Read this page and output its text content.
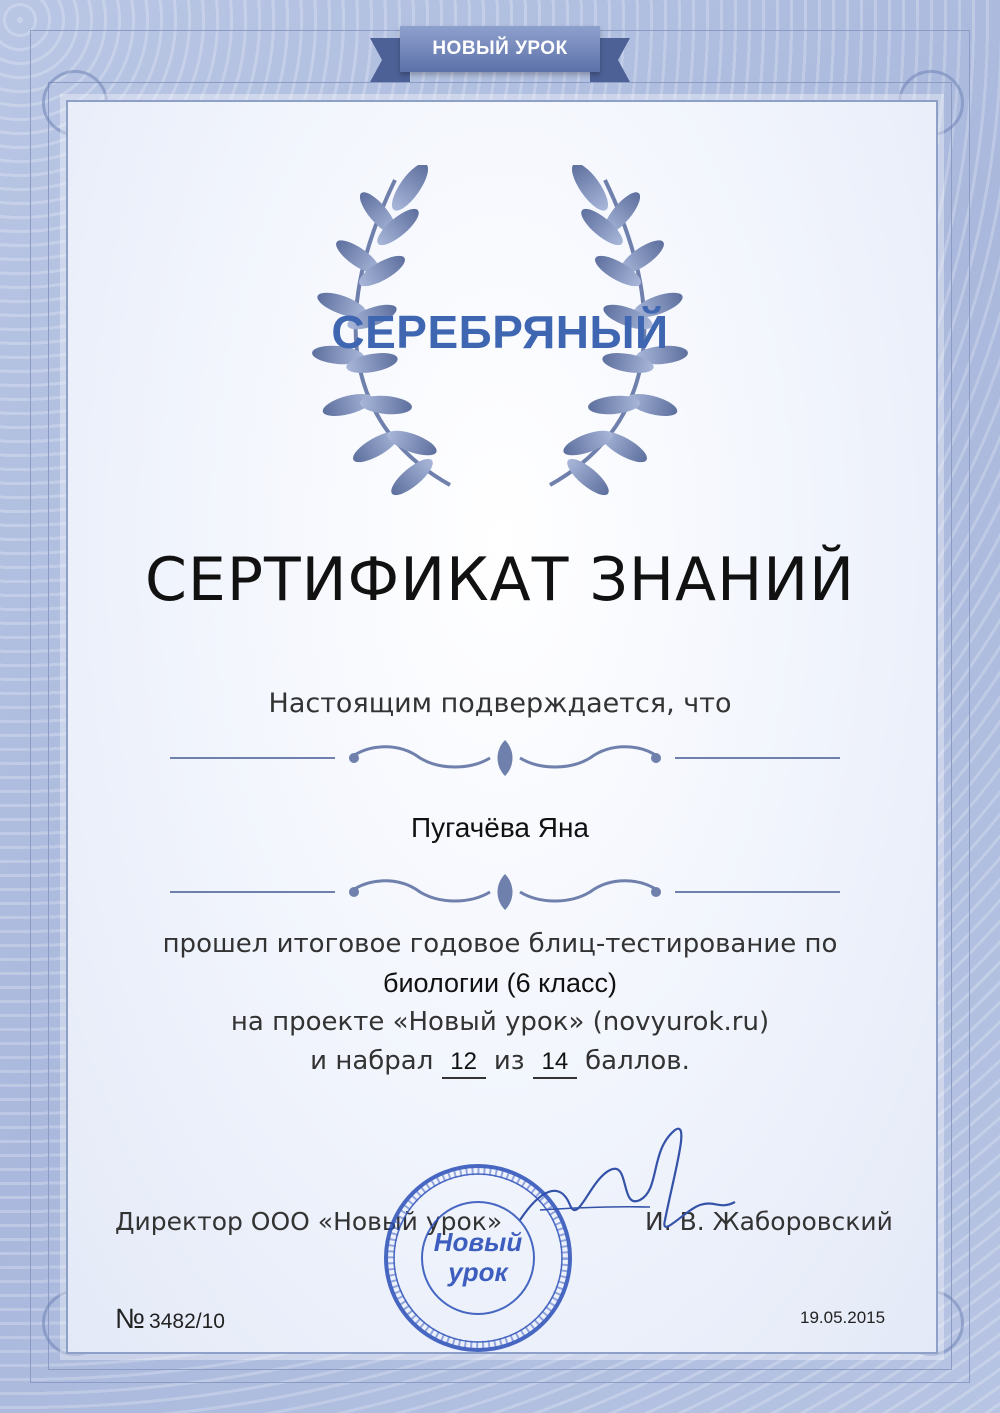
НОВЫЙ УРОК
СЕРЕБРЯНЫЙ
СЕРТИФИКАТ ЗНАНИЙ
Настоящим подверждается, что
Пугачёва Яна
прошел итоговое годовое блиц-тестирование по
биологии (6 класс)
на проекте «Новый урок» (novyurok.ru)
и набрал 12 из 14 баллов.
Директор ООО «Новый урок»	И. В. Жаборовский
Новый
урок
№ 3482/10	19.05.2015
